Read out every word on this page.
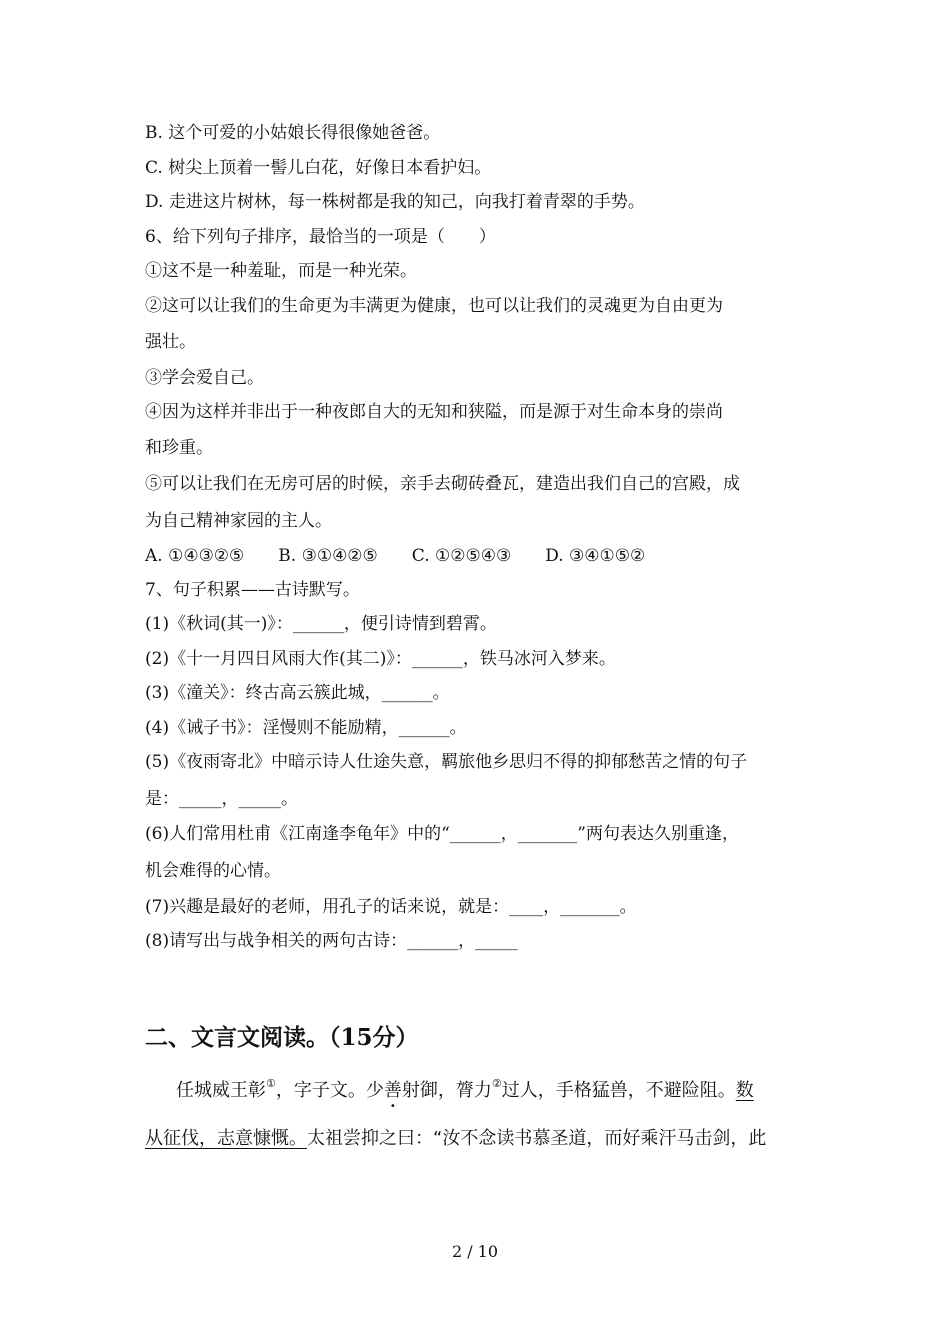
B. 这个可爱的小姑娘长得很像她爸爸。
C. 树尖上顶着一髻儿白花，好像日本看护妇。
D. 走进这片树林，每一株树都是我的知己，向我打着青翠的手势。
6、给下列句子排序，最恰当的一项是（　　）
①这不是一种羞耻，而是一种光荣。
②这可以让我们的生命更为丰满更为健康，也可以让我们的灵魂更为自由更为
强壮。
③学会爱自己。
④因为这样并非出于一种夜郎自大的无知和狭隘，而是源于对生命本身的崇尚
和珍重。
⑤可以让我们在无房可居的时候，亲手去砌砖叠瓦，建造出我们自己的宫殿，成
为自己精神家园的主人。
A. ①④③②⑤　　B. ③①④②⑤　　C. ①②⑤④③　　D. ③④①⑤②
7、句子积累——古诗默写。
(1)《秋词(其一)》：______，便引诗情到碧霄。
(2)《十一月四日风雨大作(其二)》：______，铁马冰河入梦来。
(3)《潼关》：终古高云簇此城，______。
(4)《诫子书》：淫慢则不能励精，______。
(5)《夜雨寄北》中暗示诗人仕途失意，羁旅他乡思归不得的抑郁愁苦之情的句子
是：_____，_____。
(6)人们常用杜甫《江南逢李龟年》中的“______，_______”两句表达久别重逢，
机会难得的心情。
(7)兴趣是最好的老师，用孔子的话来说，就是：____，_______。
(8)请写出与战争相关的两句古诗：______，_____
二、文言文阅读。（15分）
任城威王彰①，字子文。少善射御，膂力②过人，手格猛兽，不避险阻。数
从征伐，志意慷慨。太祖尝抑之曰：“汝不念读书慕圣道，而好乘汗马击剑，此
2 / 10
